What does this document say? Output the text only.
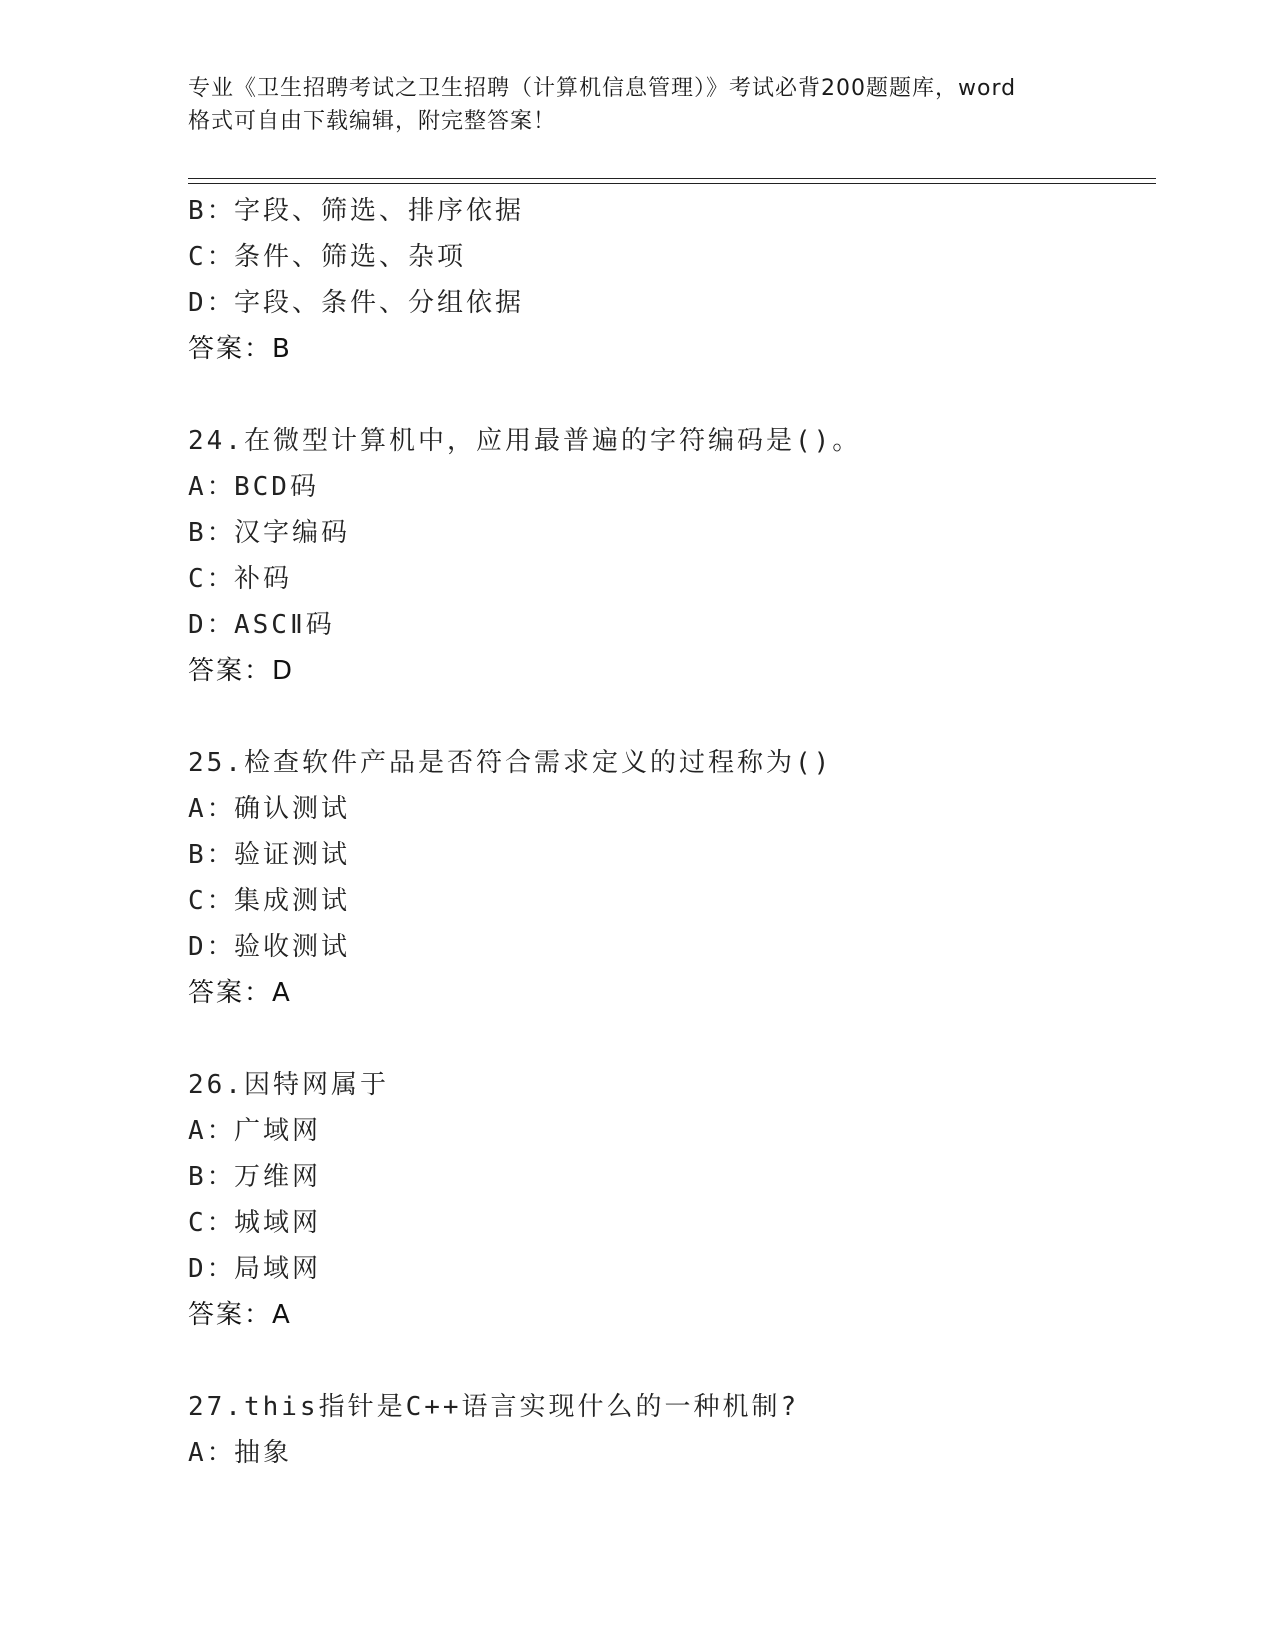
专业《卫生招聘考试之卫生招聘（计算机信息管理）》考试必背200题题库，word
格式可自由下载编辑，附完整答案！
B：字段、筛选、排序依据
C：条件、筛选、杂项
D：字段、条件、分组依据
答案：B
24.在微型计算机中，应用最普遍的字符编码是()。
A：BCD码
B：汉字编码
C：补码
D：ASCⅡ码
答案：D
25.检查软件产品是否符合需求定义的过程称为()
A：确认测试
B：验证测试
C：集成测试
D：验收测试
答案：A
26.因特网属于
A：广域网
B：万维网
C：城域网
D：局域网
答案：A
27.this指针是C++语言实现什么的一种机制?
A：抽象
